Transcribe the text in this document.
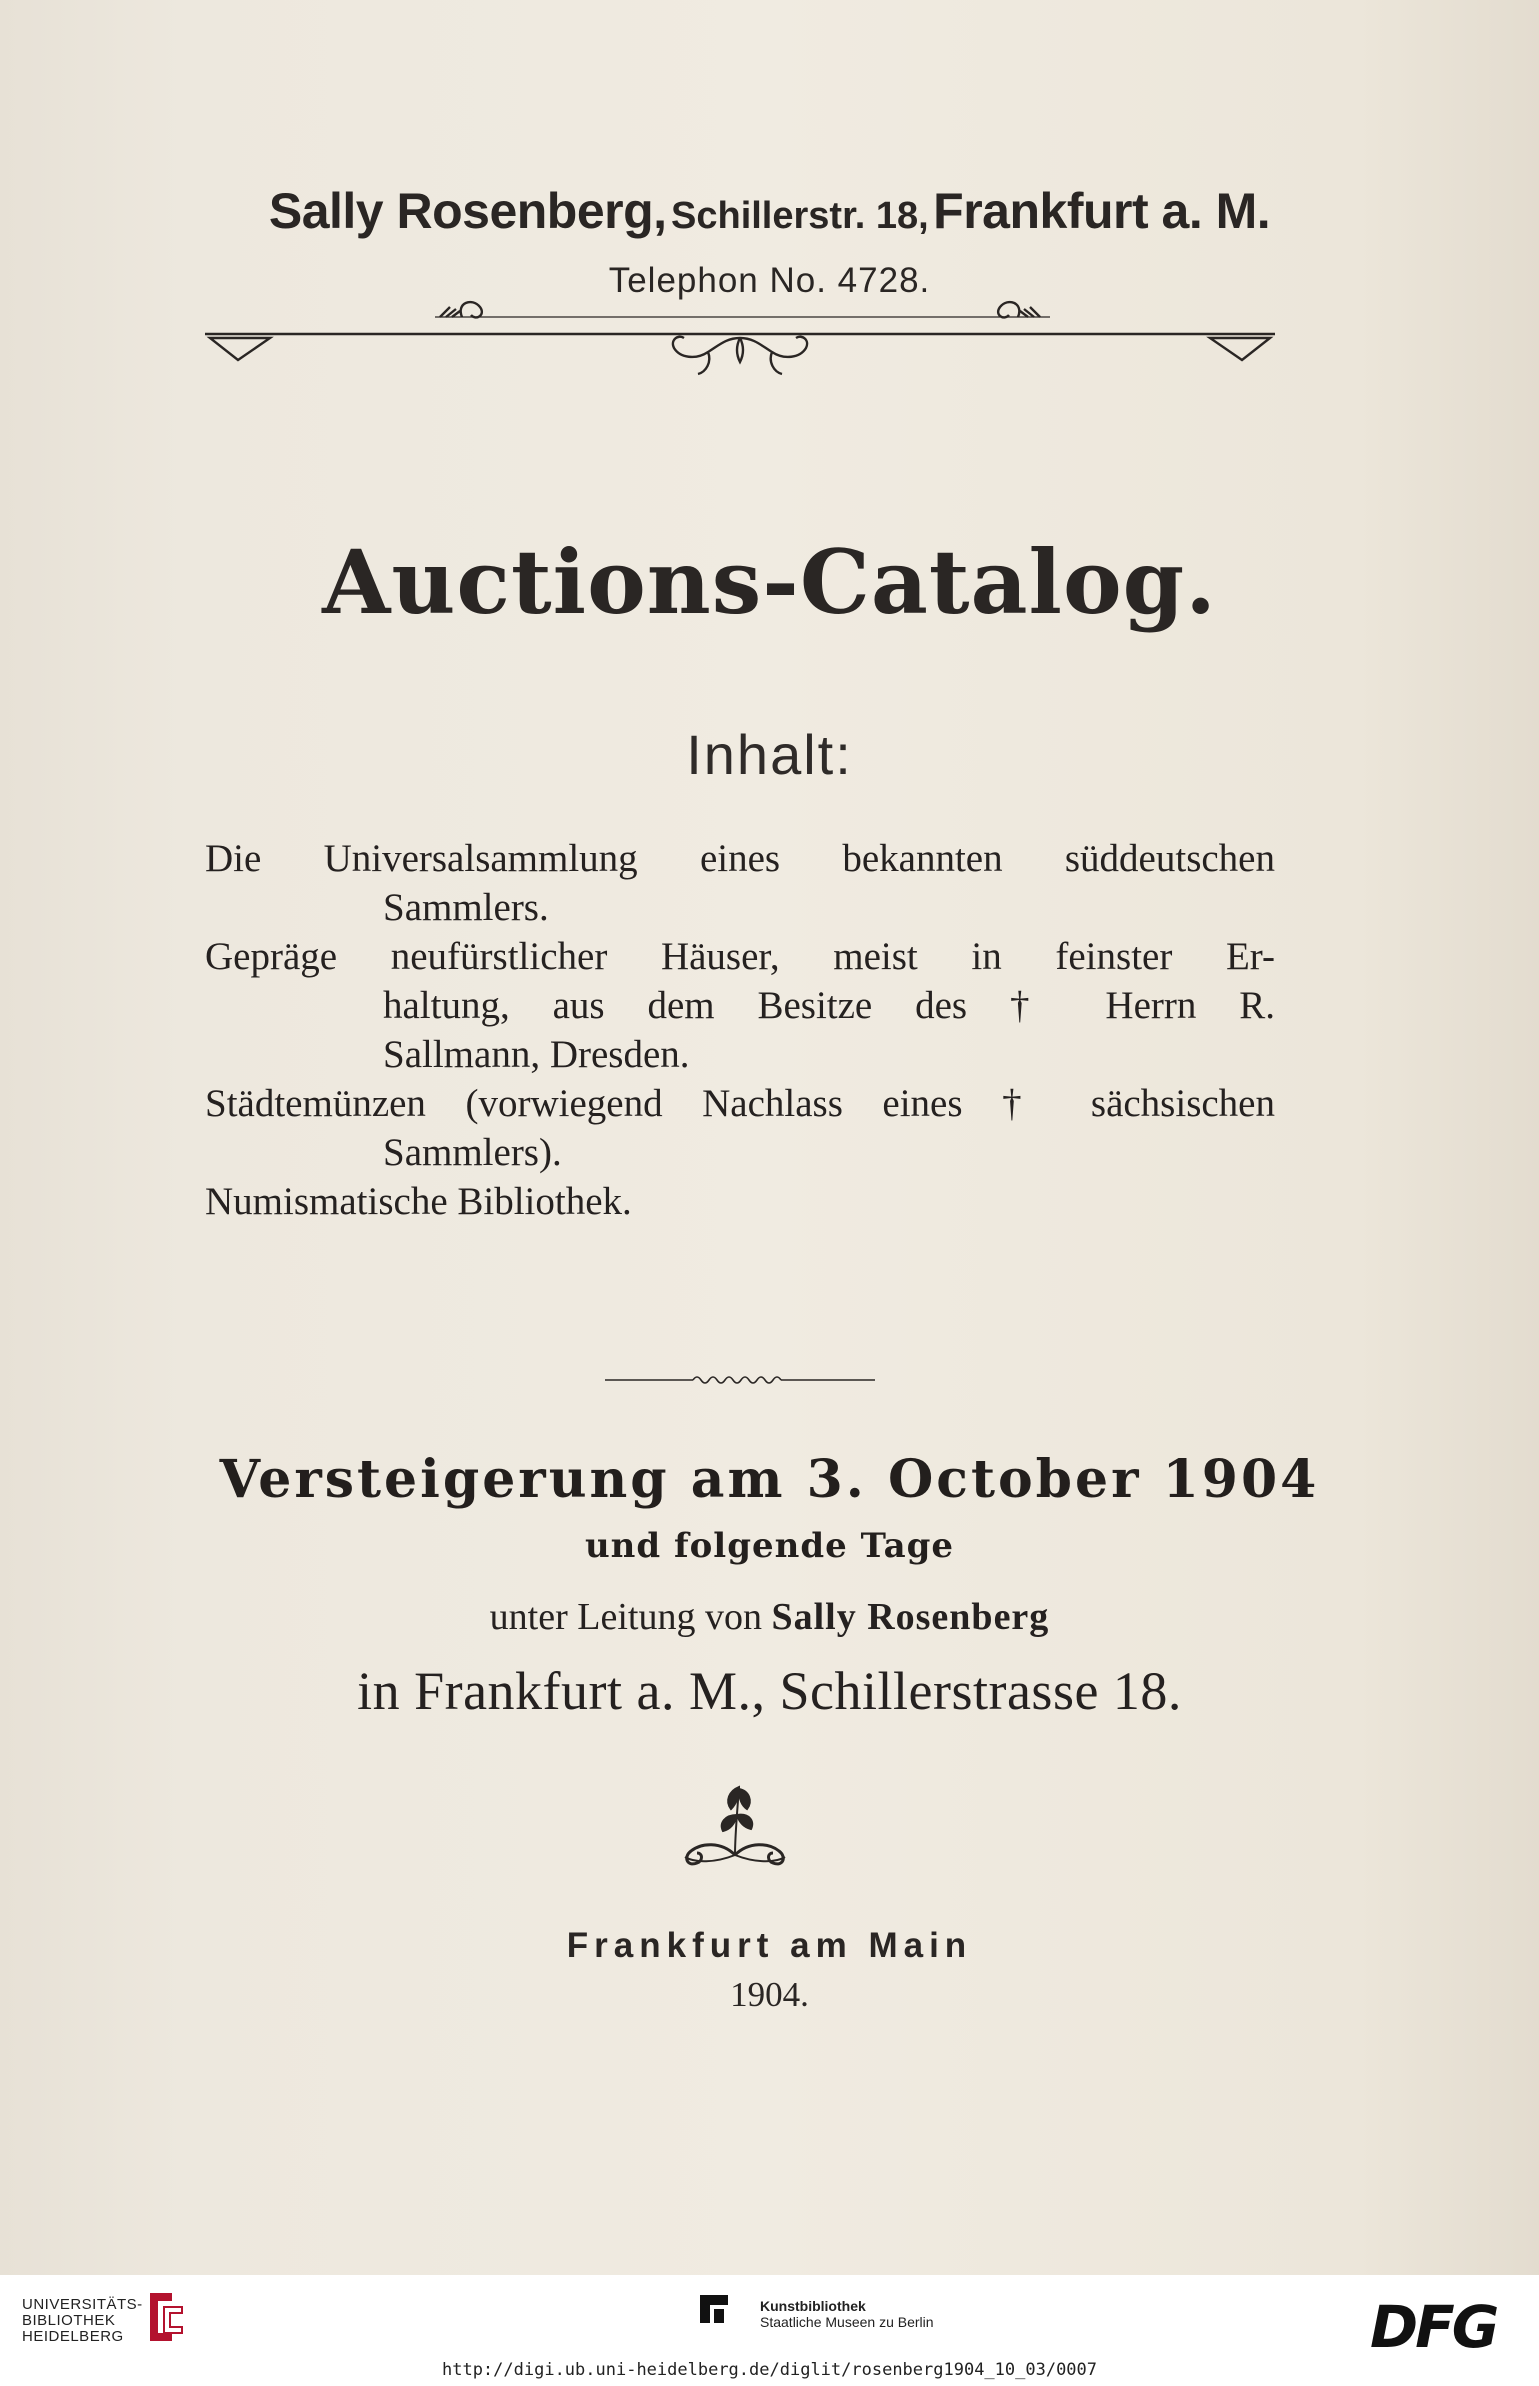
Sally Rosenberg, Schillerstr. 18, Frankfurt a. M.
Telephon No. 4728.
Auctions-Catalog.
Inhalt:

Die Universalsammlung eines bekannten süddeutschen

Sammlers.

Gepräge neufürstlicher Häuser, meist in feinster Er-

haltung, aus dem Besitze des † Herrn R.

Sallmann, Dresden.

Städtemünzen (vorwiegend Nachlass eines † sächsischen

Sammlers).

Numismatische Bibliothek.

Versteigerung am 3. October 1904
und folgende Tage
unter Leitung von Sally Rosenberg
in Frankfurt a. M., Schillerstrasse 18.
Frankfurt am Main
1904.
UNIVERSITÄTS-
BIBLIOTHEK
HEIDELBERG
Kunstbibliothek
Staatliche Museen zu Berlin	DFG
http://digi.ub.uni-heidelberg.de/diglit/rosenberg1904_10_03/0007
